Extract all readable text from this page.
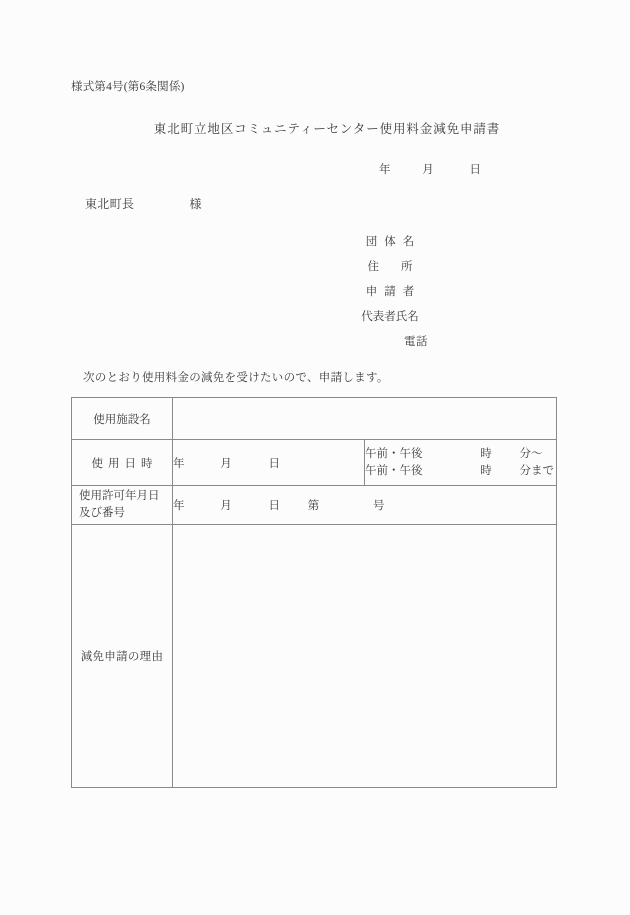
様式第4号(第6条関係)
東北町立地区コミュニティーセンター使用料金減免申請書
年	月	日
東北町長	様
団体名
住所
申請者
代表者氏名
電話
次のとおり使用料金の減免を受けたいので、申請します。
使用施設名		
使用日時	年 月 日	午前・午後 時 分〜
午前・午後 時 分まで

使用許可年月日
及び番号	年 月 日 第 号	
減免申請の理由		
